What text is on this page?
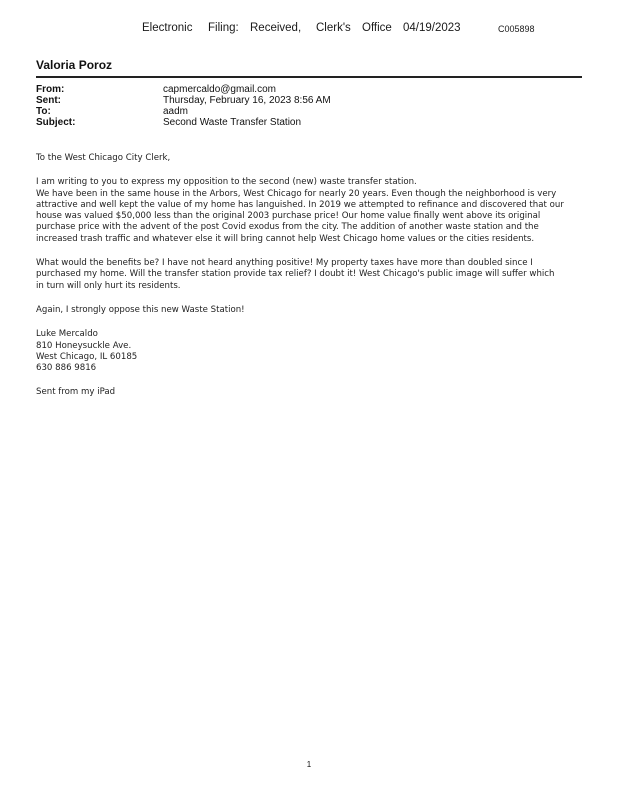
Electronic Filing: Received, Clerk's Office 04/19/2023	C005898
Valoria Poroz
From:	capmercaldo@gmail.com
Sent:	Thursday, February 16, 2023 8:56 AM
To:	aadm
Subject:	Second Waste Transfer Station

To the West Chicago City Clerk,

I am writing to you to express my opposition to the second (new) waste transfer station.
We have been in the same house in the Arbors, West Chicago for nearly 20 years. Even though the neighborhood is very
attractive and well kept the value of my home has languished. In 2019 we attempted to refinance and discovered that our
house was valued $50,000 less than the original 2003 purchase price! Our home value finally went above its original
purchase price with the advent of the post Covid exodus from the city. The addition of another waste station and the
increased trash traffic and whatever else it will bring cannot help West Chicago home values or the cities residents.

What would the benefits be? I have not heard anything positive! My property taxes have more than doubled since I
purchased my home. Will the transfer station provide tax relief? I doubt it! West Chicago's public image will suffer which
in turn will only hurt its residents.

Again, I strongly oppose this new Waste Station!

Luke Mercaldo
810 Honeysuckle Ave.
West Chicago, IL 60185
630 886 9816

Sent from my iPad

1
